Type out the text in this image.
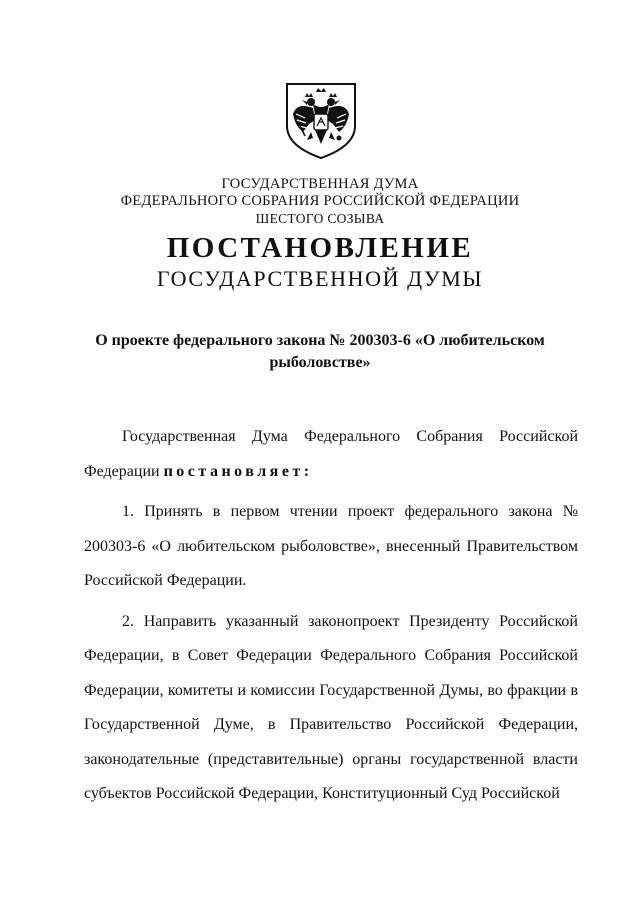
ГОСУДАРСТВЕННАЯ ДУМА
ФЕДЕРАЛЬНОГО СОБРАНИЯ РОССИЙСКОЙ ФЕДЕРАЦИИ
ШЕСТОГО СОЗЫВА
ПОСТАНОВЛЕНИЕ
ГОСУДАРСТВЕННОЙ ДУМЫ
О проекте федерального закона № 200303-6 «О любительском рыболовстве»

Государственная Дума Федерального Собрания Российской Федерации постановляет:

1. Принять в первом чтении проект федерального закона № 200303-6 «О любительском рыболовстве», внесенный Правительством Российской Федерации.

2. Направить указанный законопроект Президенту Российской Федерации, в Совет Федерации Федерального Собрания Российской Федерации, комитеты и комиссии Государственной Думы, во фракции в Государственной Думе, в Правительство Российской Федерации, законодательные (представительные) органы государственной власти субъектов Российской Федерации, Конституционный Суд Российской
